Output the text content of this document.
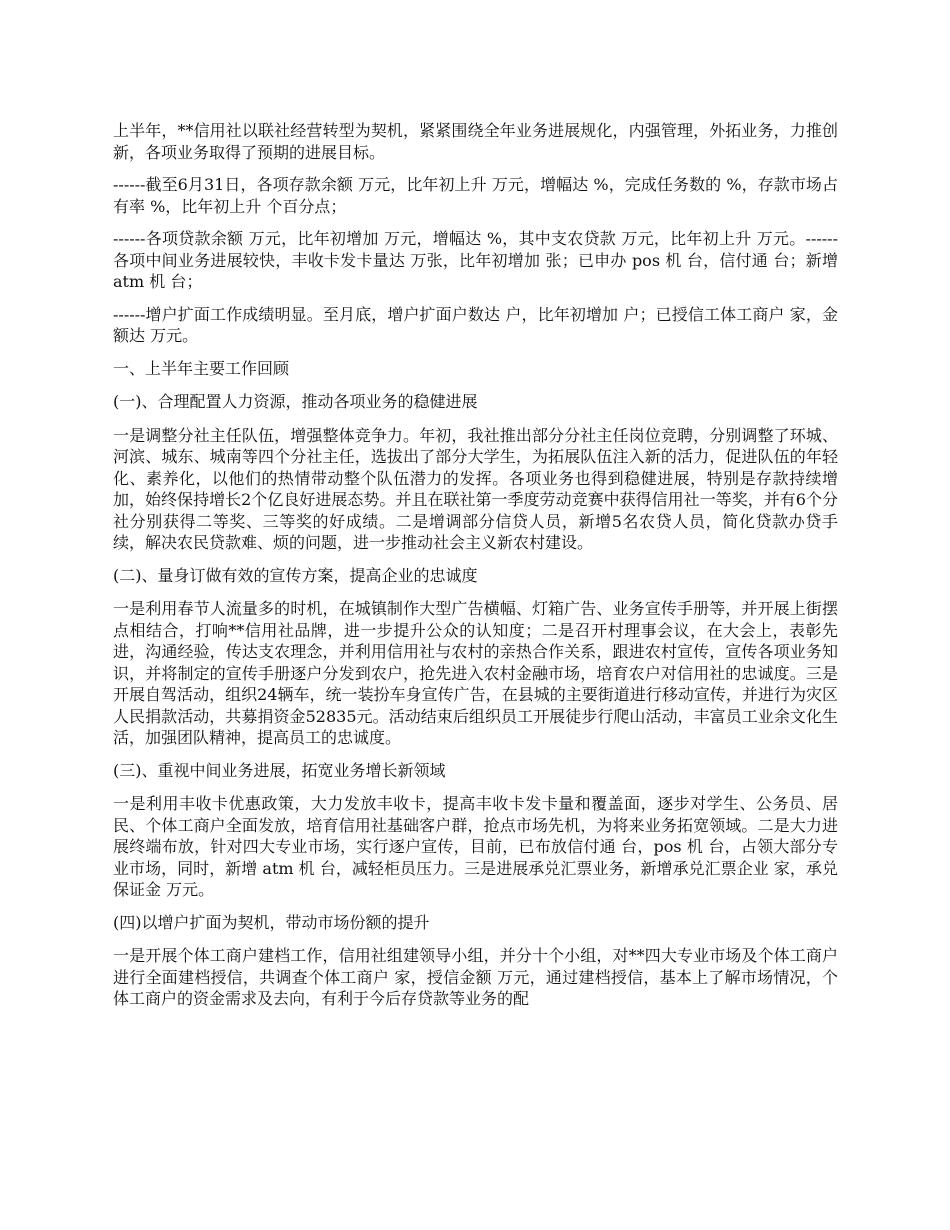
上半年，**信用社以联社经营转型为契机，紧紧围绕全年业务进展规化，内强管理，外拓业务，力推创新，各项业务取得了预期的进展目标。

------截至6月31日，各项存款余额 万元，比年初上升 万元，增幅达 %，完成任务数的 %，存款市场占有率 %，比年初上升 个百分点；

------各项贷款余额 万元，比年初增加 万元，增幅达 %，其中支农贷款 万元，比年初上升 万元。------各项中间业务进展较快，丰收卡发卡量达 万张，比年初增加 张；已申办 pos 机 台，信付通 台；新增 atm 机 台；

------增户扩面工作成绩明显。至月底，增户扩面户数达 户，比年初增加 户；已授信工体工商户 家，金额达 万元。

一、上半年主要工作回顾

(一)、合理配置人力资源，推动各项业务的稳健进展

一是调整分社主任队伍，增强整体竞争力。年初，我社推出部分分社主任岗位竞聘，分别调整了环城、河滨、城东、城南等四个分社主任，选拔出了部分大学生，为拓展队伍注入新的活力，促进队伍的年轻化、素养化，以他们的热情带动整个队伍潜力的发挥。各项业务也得到稳健进展，特别是存款持续增加，始终保持增长2个亿良好进展态势。并且在联社第一季度劳动竞赛中获得信用社一等奖，并有6个分社分别获得二等奖、三等奖的好成绩。二是增调部分信贷人员，新增5名农贷人员，简化贷款办贷手续，解决农民贷款难、烦的问题，进一步推动社会主义新农村建设。

(二)、量身订做有效的宣传方案，提高企业的忠诚度

一是利用春节人流量多的时机，在城镇制作大型广告横幅、灯箱广告、业务宣传手册等，并开展上街摆点相结合，打响**信用社品牌，进一步提升公众的认知度；二是召开村理事会议，在大会上，表彰先进，沟通经验，传达支农理念，并利用信用社与农村的亲热合作关系，跟进农村宣传，宣传各项业务知识，并将制定的宣传手册逐户分发到农户，抢先进入农村金融市场，培育农户对信用社的忠诚度。三是开展自驾活动，组织24辆车，统一装扮车身宣传广告，在县城的主要街道进行移动宣传，并进行为灾区人民捐款活动，共募捐资金52835元。活动结束后组织员工开展徒步行爬山活动，丰富员工业余文化生活，加强团队精神，提高员工的忠诚度。

(三)、重视中间业务进展，拓宽业务增长新领域

一是利用丰收卡优惠政策，大力发放丰收卡，提高丰收卡发卡量和覆盖面，逐步对学生、公务员、居民、个体工商户全面发放，培育信用社基础客户群，抢点市场先机，为将来业务拓宽领域。二是大力进展终端布放，针对四大专业市场，实行逐户宣传，目前，已布放信付通 台，pos 机 台，占领大部分专业市场，同时，新增 atm 机 台，减轻柜员压力。三是进展承兑汇票业务，新增承兑汇票企业 家，承兑保证金 万元。

(四)以增户扩面为契机，带动市场份额的提升

一是开展个体工商户建档工作，信用社组建领导小组，并分十个小组，对**四大专业市场及个体工商户进行全面建档授信，共调查个体工商户 家，授信金额 万元，通过建档授信，基本上了解市场情况，个体工商户的资金需求及去向，有利于今后存贷款等业务的配
